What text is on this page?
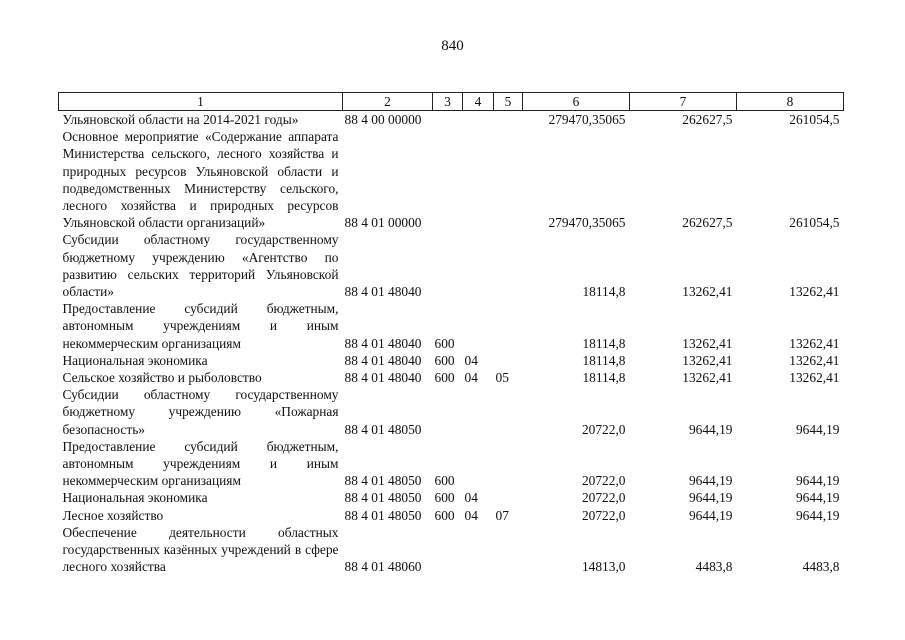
840
1	2	3	4	5	6	7	8
Ульяновской области на 2014-2021 годы»	88 4 00 00000				279470,35065	262627,5	261054,5
Основное мероприятие «Содержание аппарата Министерства сельского, лесного хозяйства и природных ресурсов Ульяновской области и подведомственных Министерству сельского, лесного хозяйства и природных ресурсов Ульяновской области организаций»	88 4 01 00000				279470,35065	262627,5	261054,5
Субсидии областному государственному бюджетному учреждению «Агентство по развитию сельских территорий Ульяновской области»	88 4 01 48040				18114,8	13262,41	13262,41
Предоставление субсидий бюджетным, автономным учреждениям и иным некоммерческим организациям	88 4 01 48040	600			18114,8	13262,41	13262,41
Национальная экономика	88 4 01 48040	600	04		18114,8	13262,41	13262,41
Сельское хозяйство и рыболовство	88 4 01 48040	600	04	05	18114,8	13262,41	13262,41
Субсидии областному государственному бюджетному учреждению «Пожарная безопасность»	88 4 01 48050				20722,0	9644,19	9644,19
Предоставление субсидий бюджетным, автономным учреждениям и иным некоммерческим организациям	88 4 01 48050	600			20722,0	9644,19	9644,19
Национальная экономика	88 4 01 48050	600	04		20722,0	9644,19	9644,19
Лесное хозяйство	88 4 01 48050	600	04	07	20722,0	9644,19	9644,19
Обеспечение деятельности областных государственных казённых учреждений в сфере лесного хозяйства	88 4 01 48060				14813,0	4483,8	4483,8
